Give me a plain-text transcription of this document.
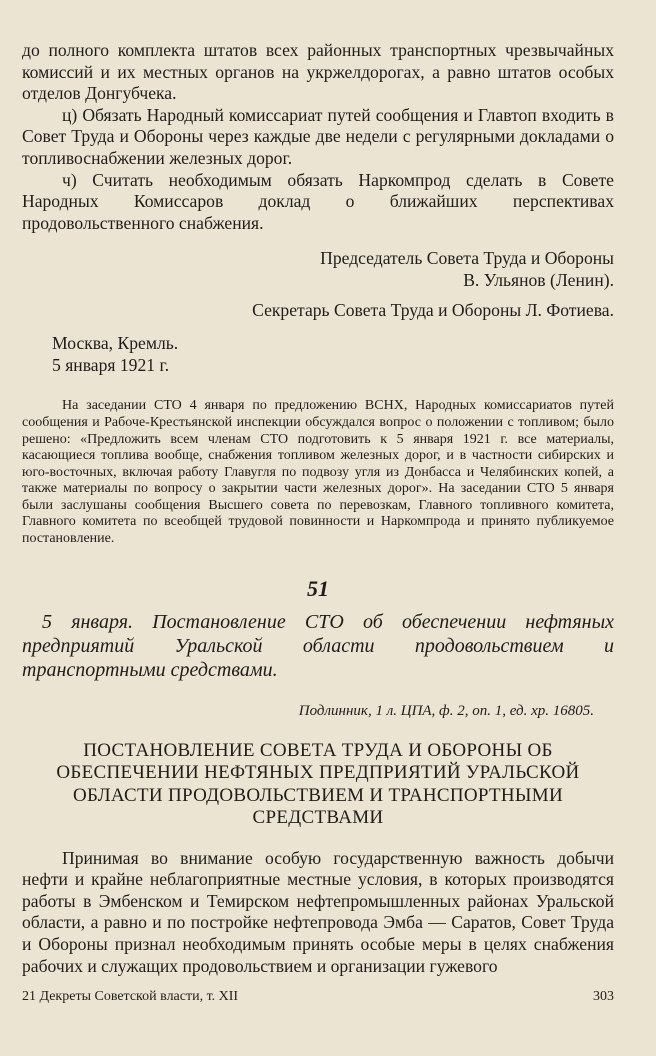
до полного комплекта штатов всех районных транспортных чрезвычайных комиссий и их местных органов на укржелдорогах, а равно штатов особых отделов Донгубчека.

ц) Обязать Народный комиссариат путей сообщения и Главтоп входить в Совет Труда и Обороны через каждые две недели с регулярными докладами о топливоснабжении железных дорог.

ч) Считать необходимым обязать Наркомпрод сделать в Совете Народных Комиссаров доклад о ближайших перспективах продовольственного снабжения.

Председатель Совета Труда и Обороны

В. Ульянов (Ленин).

Секретарь Совета Труда и Обороны Л. Фотиева.

Москва, Кремль.

5 января 1921 г.

На заседании СТО 4 января по предложению ВСНХ, Народных комиссариатов путей сообщения и Рабоче-Крестьянской инспекции обсуждался вопрос о положении с топливом; было решено: «Предложить всем членам СТО подготовить к 5 января 1921 г. все материалы, касающиеся топлива вообще, снабжения топливом железных дорог, и в частности сибирских и юго-восточных, включая работу Главугля по подвозу угля из Донбасса и Челябинских копей, а также материалы по вопросу о закрытии части железных дорог». На заседании СТО 5 января были заслушаны сообщения Высшего совета по перевозкам, Главного топливного комитета, Главного комитета по всеобщей трудовой повинности и Наркомпрода и принято публикуемое постановление.

51

5 января. Постановление СТО об обеспечении нефтяных предприятий Уральской области продовольствием и транспортными средствами.

Подлинник, 1 л. ЦПА, ф. 2, оп. 1, ед. хр. 16805.
ПОСТАНОВЛЕНИЕ СОВЕТА ТРУДА И ОБОРОНЫ ОБ ОБЕСПЕЧЕНИИ НЕФТЯНЫХ ПРЕДПРИЯТИЙ УРАЛЬСКОЙ ОБЛАСТИ ПРОДОВОЛЬСТВИЕМ И ТРАНСПОРТНЫМИ СРЕДСТВАМИ

Принимая во внимание особую государственную важность добычи нефти и крайне неблагоприятные местные условия, в которых производятся работы в Эмбенском и Темирском нефтепромышленных районах Уральской области, а равно и по постройке нефтепровода Эмба — Саратов, Совет Труда и Обороны признал необходимым принять особые меры в целях снабжения рабочих и служащих продовольствием и организации гужевого

21 Декреты Советской власти, т. XII	303
